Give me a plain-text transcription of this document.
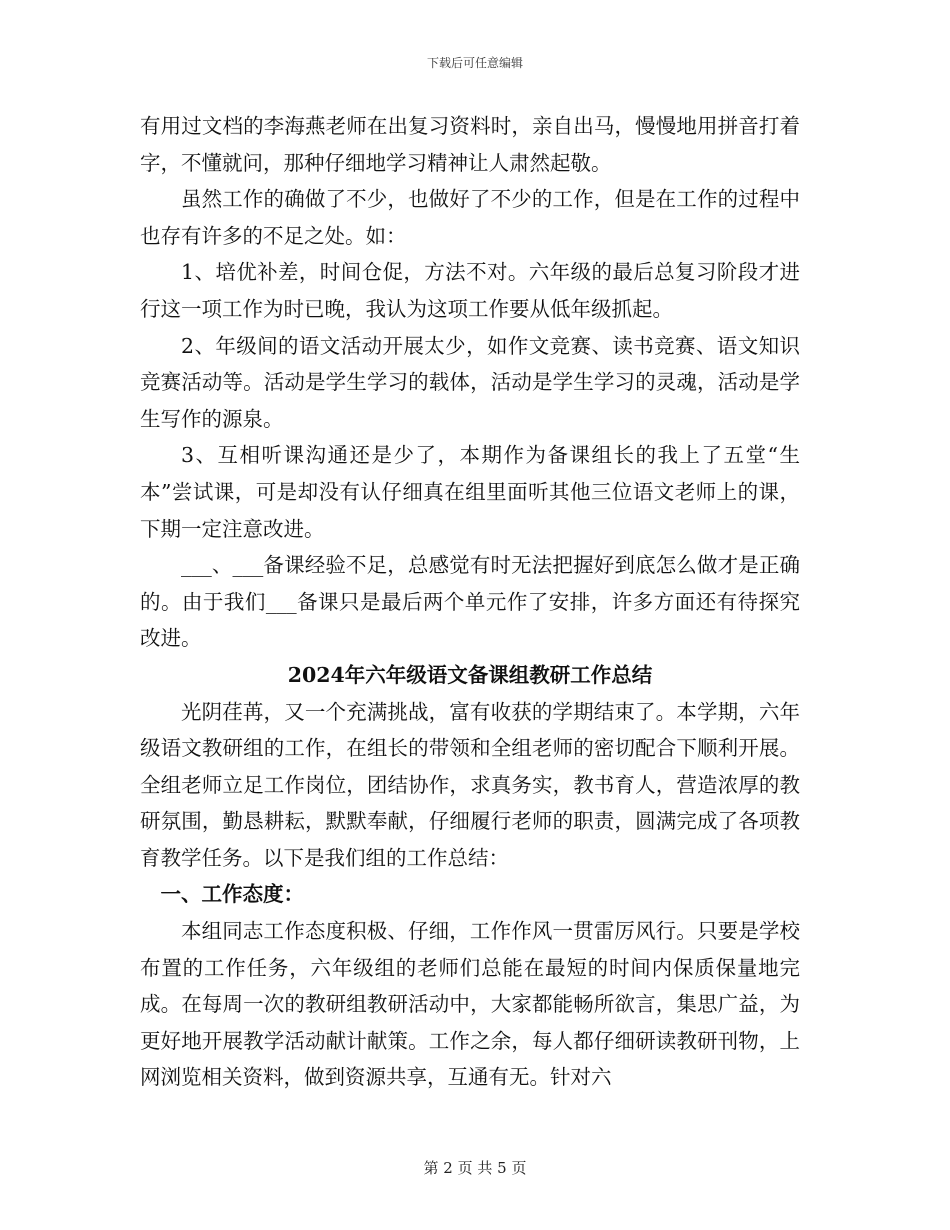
下载后可任意编辑

有用过文档的李海燕老师在出复习资料时，亲自出马，慢慢地用拼音打着字，不懂就问，那种仔细地学习精神让人肃然起敬。

虽然工作的确做了不少，也做好了不少的工作，但是在工作的过程中也存有许多的不足之处。如：

1、培优补差，时间仓促，方法不对。六年级的最后总复习阶段才进行这一项工作为时已晚，我认为这项工作要从低年级抓起。

2、年级间的语文活动开展太少，如作文竞赛、读书竞赛、语文知识竞赛活动等。活动是学生学习的载体，活动是学生学习的灵魂，活动是学生写作的源泉。

3、互相听课沟通还是少了，本期作为备课组长的我上了五堂“生本”尝试课，可是却没有认仔细真在组里面听其他三位语文老师上的课，下期一定注意改进。

___、___备课经验不足，总感觉有时无法把握好到底怎么做才是正确的。由于我们___备课只是最后两个单元作了安排，许多方面还有待探究改进。

2024年六年级语文备课组教研工作总结

光阴荏苒，又一个充满挑战，富有收获的学期结束了。本学期，六年级语文教研组的工作，在组长的带领和全组老师的密切配合下顺利开展。全组老师立足工作岗位，团结协作，求真务实，教书育人，营造浓厚的教研氛围，勤恳耕耘，默默奉献，仔细履行老师的职责，圆满完成了各项教育教学任务。以下是我们组的工作总结：

一、工作态度：

本组同志工作态度积极、仔细，工作作风一贯雷厉风行。只要是学校布置的工作任务，六年级组的老师们总能在最短的时间内保质保量地完成。在每周一次的教研组教研活动中，大家都能畅所欲言，集思广益，为更好地开展教学活动献计献策。工作之余，每人都仔细研读教研刊物，上网浏览相关资料，做到资源共享，互通有无。针对六

第 2 页 共 5 页
